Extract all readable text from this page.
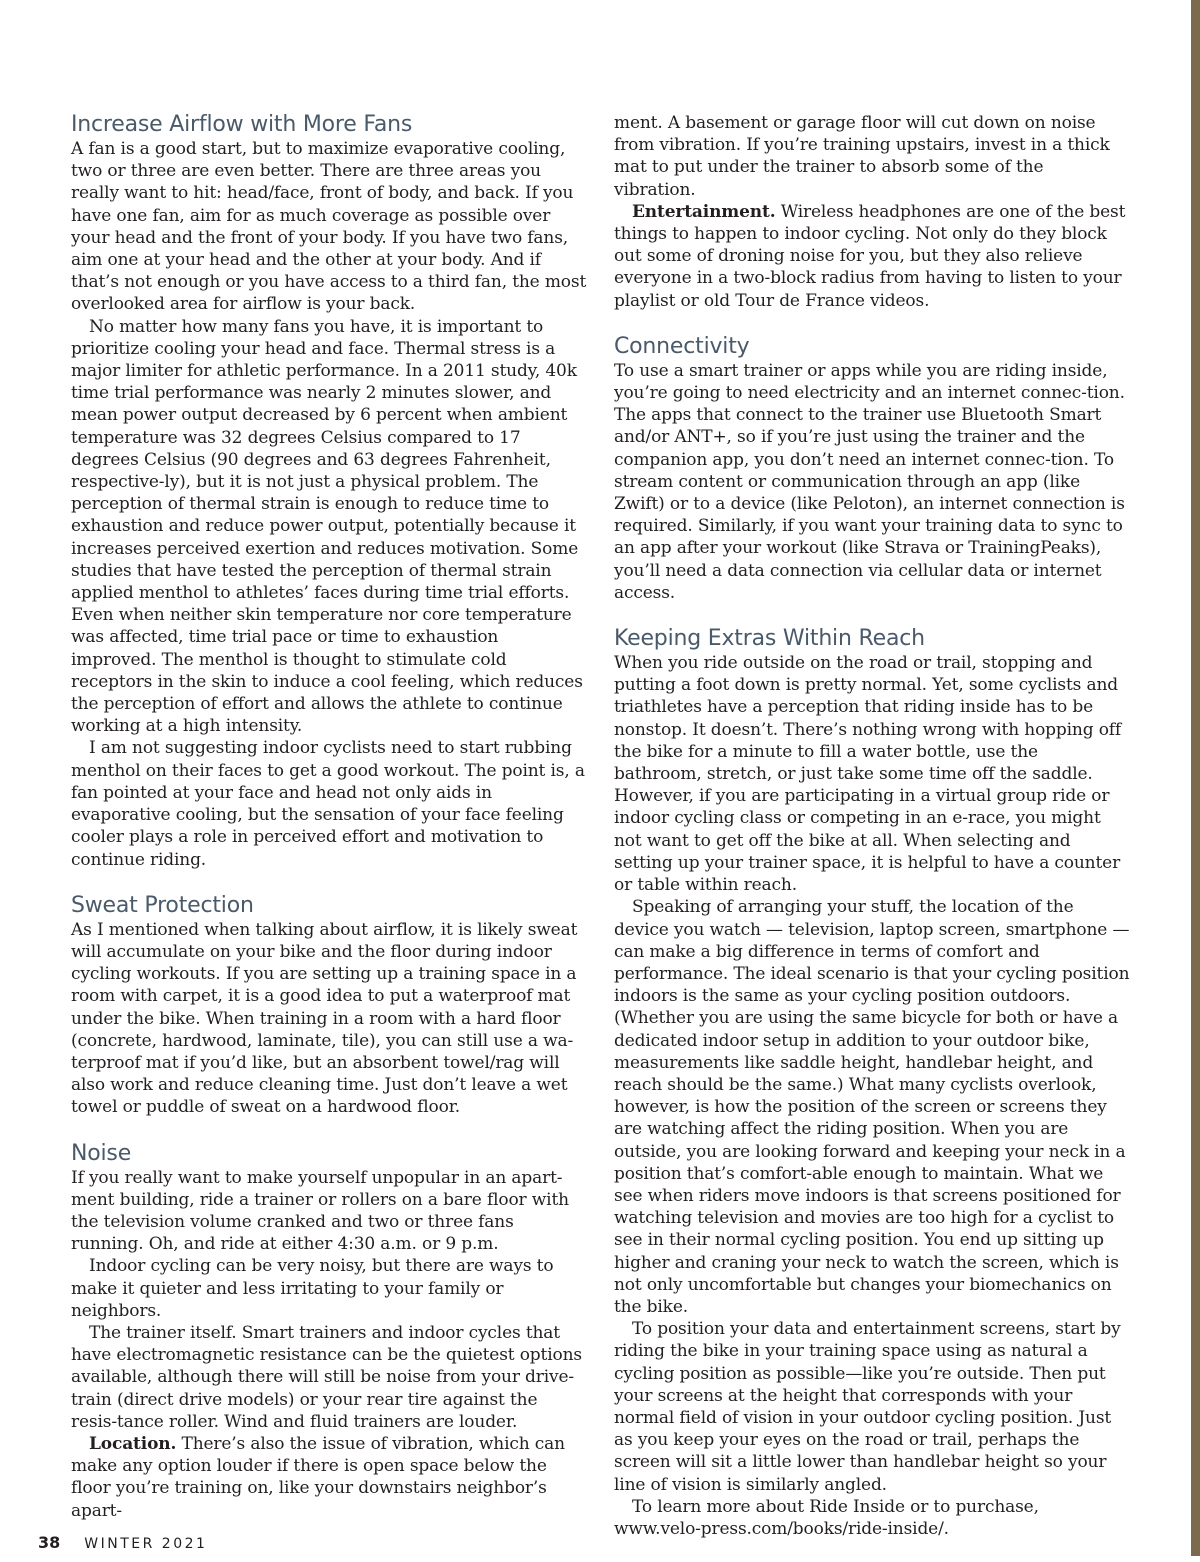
Increase Airflow with More Fans

A fan is a good start, but to maximize evaporative cooling, two or three are even better. There are three areas you really want to hit: head/face, front of body, and back. If you have one fan, aim for as much coverage as possible over your head and the front of your body. If you have two fans, aim one at your head and the other at your body. And if that’s not enough or you have access to a third fan, the most overlooked area for airflow is your back.

No matter how many fans you have, it is important to prioritize cooling your head and face. Thermal stress is a major limiter for athletic performance. In a 2011 study, 40k time trial performance was nearly 2 minutes slower, and mean power output decreased by 6 percent when ambient temperature was 32 degrees Celsius compared to 17 degrees Celsius (90 degrees and 63 degrees Fahrenheit, respective-ly), but it is not just a physical problem. The perception of thermal strain is enough to reduce time to exhaustion and reduce power output, potentially because it increases perceived exertion and reduces motivation. Some studies that have tested the perception of thermal strain applied menthol to athletes’ faces during time trial efforts. Even when neither skin temperature nor core temperature was affected, time trial pace or time to exhaustion improved. The menthol is thought to stimulate cold receptors in the skin to induce a cool feeling, which reduces the perception of effort and allows the athlete to continue working at a high intensity.

I am not suggesting indoor cyclists need to start rubbing menthol on their faces to get a good workout. The point is, a fan pointed at your face and head not only aids in evaporative cooling, but the sensation of your face feeling cooler plays a role in perceived effort and motivation to continue riding.

Sweat Protection

As I mentioned when talking about airflow, it is likely sweat will accumulate on your bike and the floor during indoor cycling workouts. If you are setting up a training space in a room with carpet, it is a good idea to put a waterproof mat under the bike. When training in a room with a hard floor (concrete, hardwood, laminate, tile), you can still use a wa-terproof mat if you’d like, but an absorbent towel/rag will also work and reduce cleaning time. Just don’t leave a wet towel or puddle of sweat on a hardwood floor.

Noise

If you really want to make yourself unpopular in an apart-ment building, ride a trainer or rollers on a bare floor with the television volume cranked and two or three fans running. Oh, and ride at either 4:30 a.m. or 9 p.m.

Indoor cycling can be very noisy, but there are ways to make it quieter and less irritating to your family or neighbors.

The trainer itself. Smart trainers and indoor cycles that have electromagnetic resistance can be the quietest options available, although there will still be noise from your drive-train (direct drive models) or your rear tire against the resis-tance roller. Wind and fluid trainers are louder.

Location. There’s also the issue of vibration, which can make any option louder if there is open space below the floor you’re training on, like your downstairs neighbor’s apart-

ment. A basement or garage floor will cut down on noise from vibration. If you’re training upstairs, invest in a thick mat to put under the trainer to absorb some of the vibration.

Entertainment. Wireless headphones are one of the best things to happen to indoor cycling. Not only do they block out some of droning noise for you, but they also relieve everyone in a two-block radius from having to listen to your playlist or old Tour de France videos.

Connectivity

To use a smart trainer or apps while you are riding inside, you’re going to need electricity and an internet connec-tion. The apps that connect to the trainer use Bluetooth Smart and/or ANT+, so if you’re just using the trainer and the companion app, you don’t need an internet connec-tion. To stream content or communication through an app (like Zwift) or to a device (like Peloton), an internet connection is required. Similarly, if you want your training data to sync to an app after your workout (like Strava or TrainingPeaks), you’ll need a data connection via cellular data or internet access.

Keeping Extras Within Reach

When you ride outside on the road or trail, stopping and putting a foot down is pretty normal. Yet, some cyclists and triathletes have a perception that riding inside has to be nonstop. It doesn’t. There’s nothing wrong with hopping off the bike for a minute to fill a water bottle, use the bathroom, stretch, or just take some time off the saddle. However, if you are participating in a virtual group ride or indoor cycling class or competing in an e-race, you might not want to get off the bike at all. When selecting and setting up your trainer space, it is helpful to have a counter or table within reach.

Speaking of arranging your stuff, the location of the device you watch — television, laptop screen, smartphone — can make a big difference in terms of comfort and performance. The ideal scenario is that your cycling position indoors is the same as your cycling position outdoors. (Whether you are using the same bicycle for both or have a dedicated indoor setup in addition to your outdoor bike, measurements like saddle height, handlebar height, and reach should be the same.) What many cyclists overlook, however, is how the position of the screen or screens they are watching affect the riding position. When you are outside, you are looking forward and keeping your neck in a position that’s comfort-able enough to maintain. What we see when riders move indoors is that screens positioned for watching television and movies are too high for a cyclist to see in their normal cycling position. You end up sitting up higher and craning your neck to watch the screen, which is not only uncomfortable but changes your biomechanics on the bike.

To position your data and entertainment screens, start by riding the bike in your training space using as natural a cycling position as possible—like you’re outside. Then put your screens at the height that corresponds with your normal field of vision in your outdoor cycling position. Just as you keep your eyes on the road or trail, perhaps the screen will sit a little lower than handlebar height so your line of vision is similarly angled.

To learn more about Ride Inside or to purchase, www.velo-press.com/books/ride-inside/.

38 WINTER 2021
